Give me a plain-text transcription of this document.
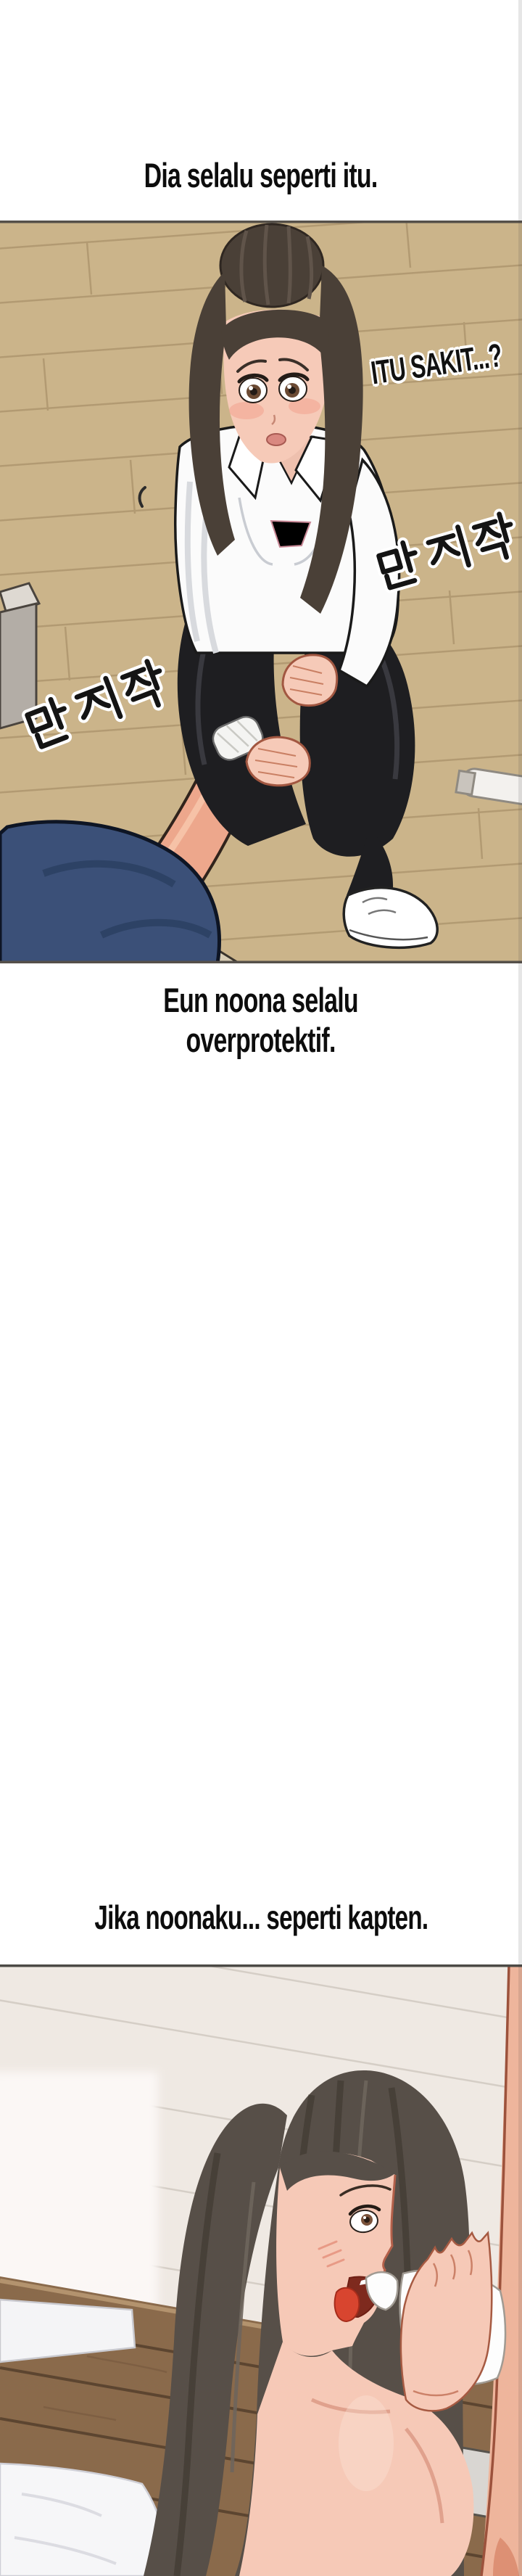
Dia selalu seperti itu.
ITU SAKIT...?
Eun noona selalu
overprotektif.
Jika noonaku... seperti kapten.
